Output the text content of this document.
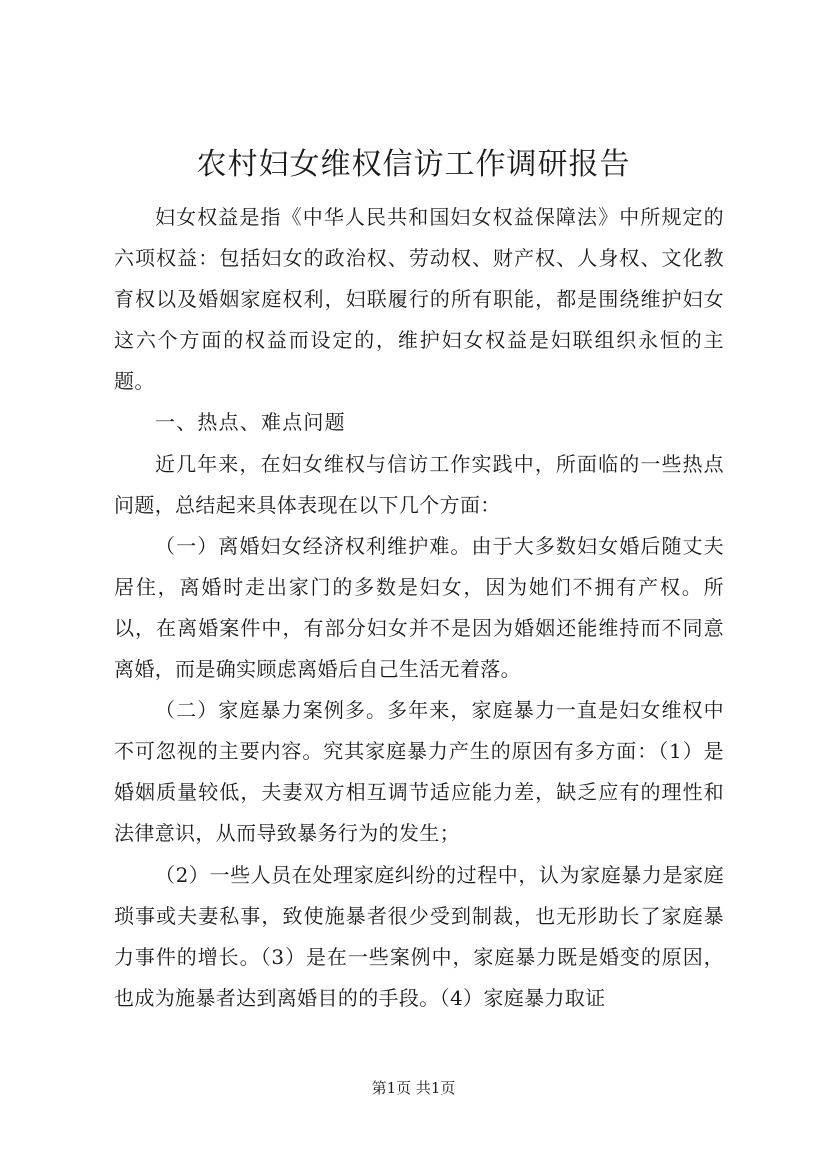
农村妇女维权信访工作调研报告

妇女权益是指《中华人民共和国妇女权益保障法》中所规定的六项权益：包括妇女的政治权、劳动权、财产权、人身权、文化教育权以及婚姻家庭权利，妇联履行的所有职能，都是围绕维护妇女这六个方面的权益而设定的，维护妇女权益是妇联组织永恒的主题。

一、热点、难点问题

近几年来，在妇女维权与信访工作实践中，所面临的一些热点问题，总结起来具体表现在以下几个方面：

（一）离婚妇女经济权利维护难。由于大多数妇女婚后随丈夫居住，离婚时走出家门的多数是妇女，因为她们不拥有产权。所以，在离婚案件中，有部分妇女并不是因为婚姻还能维持而不同意离婚，而是确实顾虑离婚后自己生活无着落。

（二）家庭暴力案例多。多年来，家庭暴力一直是妇女维权中不可忽视的主要内容。究其家庭暴力产生的原因有多方面：（1）是婚姻质量较低，夫妻双方相互调节适应能力差，缺乏应有的理性和法律意识，从而导致暴务行为的发生；

（2）一些人员在处理家庭纠纷的过程中，认为家庭暴力是家庭琐事或夫妻私事，致使施暴者很少受到制裁，也无形助长了家庭暴力事件的增长。（3）是在一些案例中，家庭暴力既是婚变的原因，也成为施暴者达到离婚目的的手段。（4）家庭暴力取证

第1页 共1页
